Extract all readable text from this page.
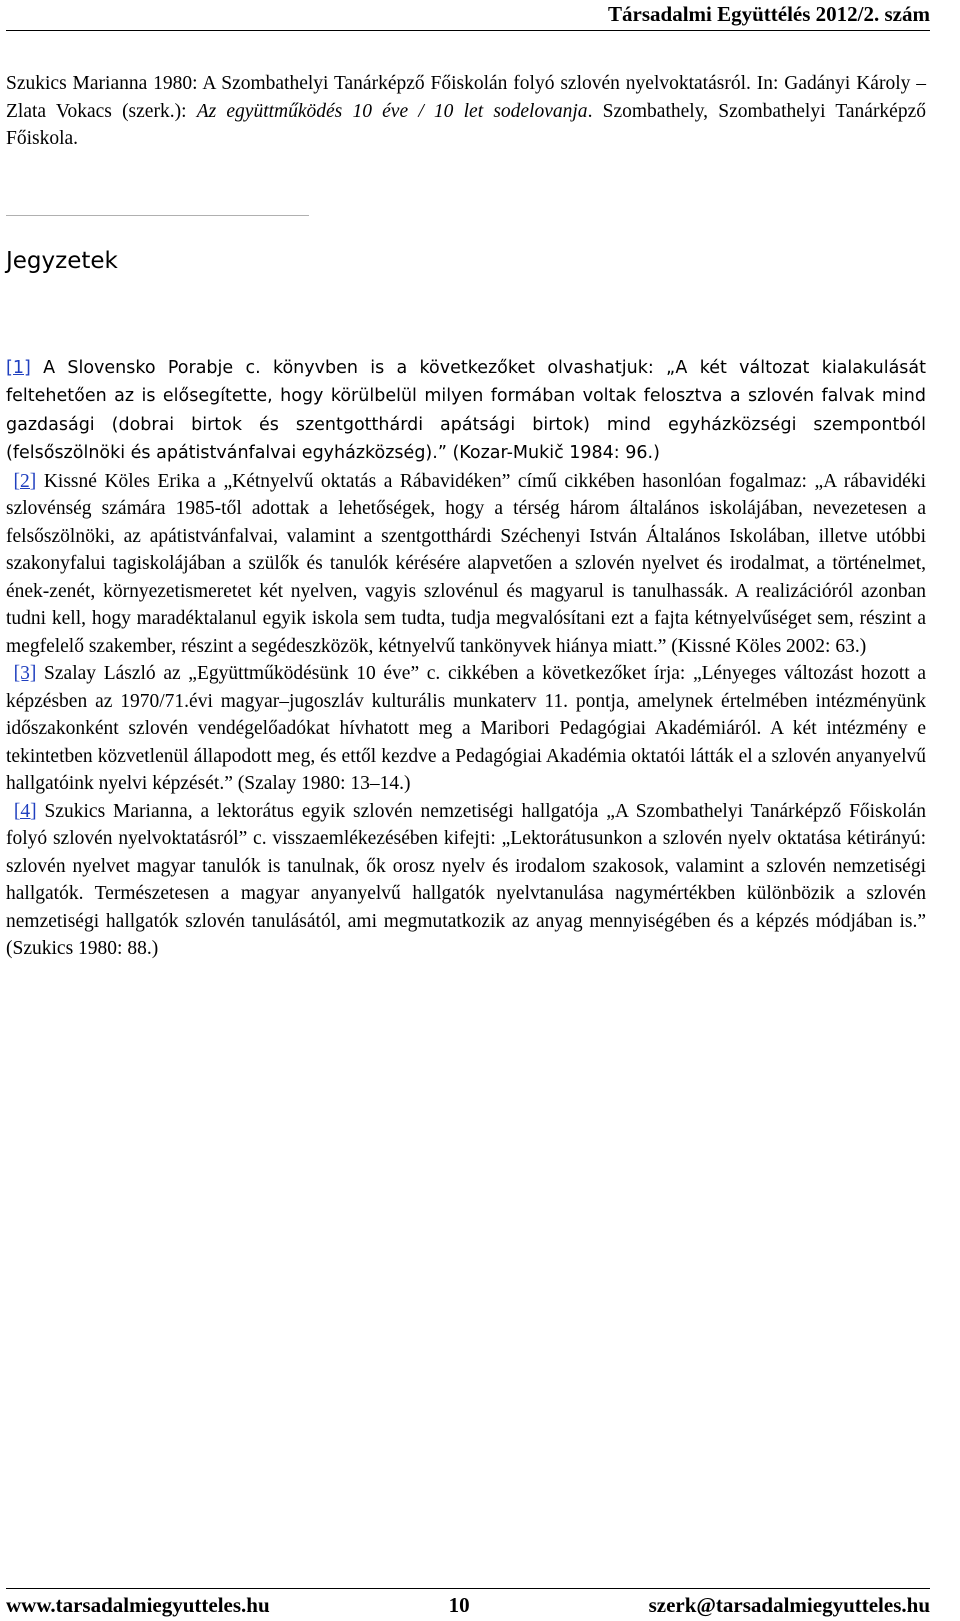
Társadalmi Együttélés 2012/2. szám

Szukics Marianna 1980: A Szombathelyi Tanárképző Főiskolán folyó szlovén nyelvoktatásról. In: Gadányi Károly – Zlata Vokacs (szerk.): Az együttműködés 10 éve / 10 let sodelovanja. Szombathely, Szombathelyi Tanárképző Főiskola.

Jegyzetek

[1] A Slovensko Porabje c. könyvben is a következőket olvashatjuk: „A két változat kialakulását feltehetően az is elősegítette, hogy körülbelül milyen formában voltak felosztva a szlovén falvak mind gazdasági (dobrai birtok és szentgotthárdi apátsági birtok) mind egyházközségi szempontból (felsőszölnöki és apátistvánfalvai egyházközség).” (Kozar-Mukič 1984: 96.)

[2] Kissné Köles Erika a „Kétnyelvű oktatás a Rábavidéken” című cikkében hasonlóan fogalmaz: „A rábavidéki szlovénség számára 1985-től adottak a lehetőségek, hogy a térség három általános iskolájában, nevezetesen a felsőszölnöki, az apátistvánfalvai, valamint a szentgotthárdi Széchenyi István Általános Iskolában, illetve utóbbi szakonyfalui tagiskolájában a szülők és tanulók kérésére alapvetően a szlovén nyelvet és irodalmat, a történelmet, ének-zenét, környezetismeretet két nyelven, vagyis szlovénul és magyarul is tanulhassák. A realizációról azonban tudni kell, hogy maradéktalanul egyik iskola sem tudta, tudja megvalósítani ezt a fajta kétnyelvűséget sem, részint a megfelelő szakember, részint a segédeszközök, kétnyelvű tankönyvek hiánya miatt.” (Kissné Köles 2002: 63.)

[3] Szalay László az „Együttműködésünk 10 éve” c. cikkében a következőket írja: „Lényeges változást hozott a képzésben az 1970/71.évi magyar–jugoszláv kulturális munkaterv 11. pontja, amelynek értelmében intézményünk időszakonként szlovén vendégelőadókat hívhatott meg a Maribori Pedagógiai Akadémiáról. A két intézmény e tekintetben közvetlenül állapodott meg, és ettől kezdve a Pedagógiai Akadémia oktatói látták el a szlovén anyanyelvű hallgatóink nyelvi képzését.” (Szalay 1980: 13–14.)

[4] Szukics Marianna, a lektorátus egyik szlovén nemzetiségi hallgatója „A Szombathelyi Tanárképző Főiskolán folyó szlovén nyelvoktatásról” c. visszaemlékezésében kifejti: „Lektorátusunkon a szlovén nyelv oktatása kétirányú: szlovén nyelvet magyar tanulók is tanulnak, ők orosz nyelv és irodalom szakosok, valamint a szlovén nemzetiségi hallgatók. Természetesen a magyar anyanyelvű hallgatók nyelvtanulása nagymértékben különbözik a szlovén nemzetiségi hallgatók szlovén tanulásától, ami megmutatkozik az anyag mennyiségében és a képzés módjában is.” (Szukics 1980: 88.)

www.tarsadalmiegyutteles.hu	10	szerk@tarsadalmiegyutteles.hu
